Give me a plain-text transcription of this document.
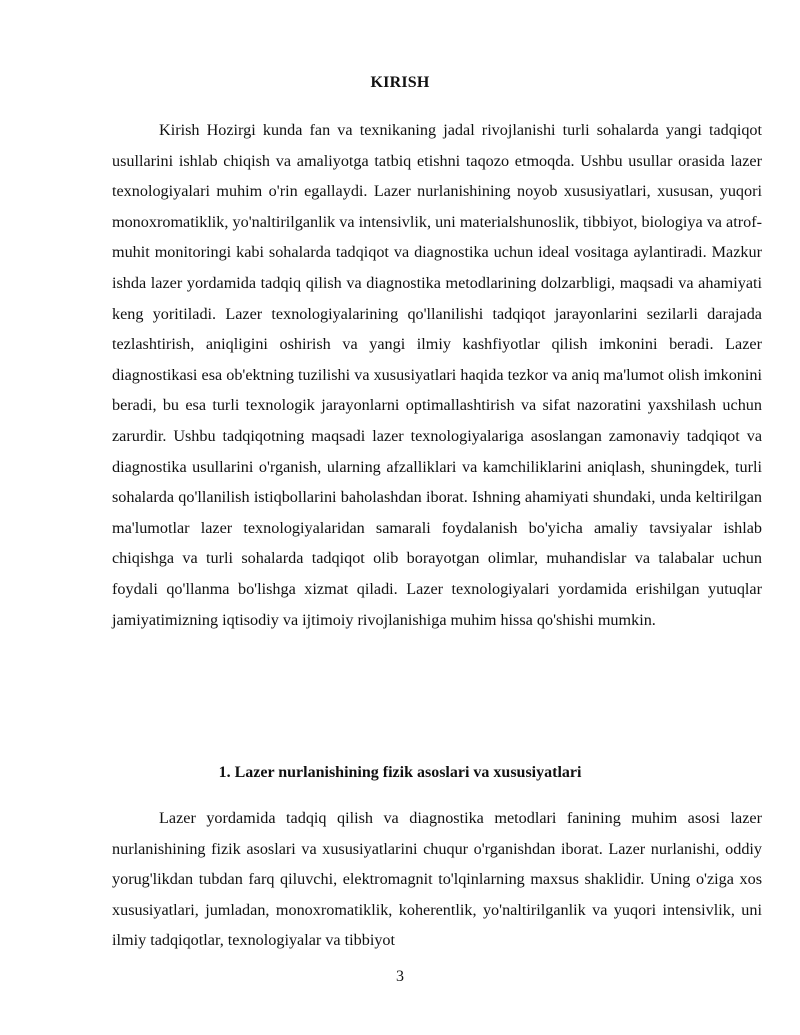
KIRISH

Kirish Hozirgi kunda fan va texnikaning jadal rivojlanishi turli sohalarda yangi tadqiqot usullarini ishlab chiqish va amaliyotga tatbiq etishni taqozo etmoqda. Ushbu usullar orasida lazer texnologiyalari muhim o'rin egallaydi. Lazer nurlanishining noyob xususiyatlari, xususan, yuqori monoxromatiklik, yo'naltirilganlik va intensivlik, uni materialshunoslik, tibbiyot, biologiya va atrof-muhit monitoringi kabi sohalarda tadqiqot va diagnostika uchun ideal vositaga aylantiradi. Mazkur ishda lazer yordamida tadqiq qilish va diagnostika metodlarining dolzarbligi, maqsadi va ahamiyati keng yoritiladi. Lazer texnologiyalarining qo'llanilishi tadqiqot jarayonlarini sezilarli darajada tezlashtirish, aniqligini oshirish va yangi ilmiy kashfiyotlar qilish imkonini beradi. Lazer diagnostikasi esa ob'ektning tuzilishi va xususiyatlari haqida tezkor va aniq ma'lumot olish imkonini beradi, bu esa turli texnologik jarayonlarni optimallashtirish va sifat nazoratini yaxshilash uchun zarurdir. Ushbu tadqiqotning maqsadi lazer texnologiyalariga asoslangan zamonaviy tadqiqot va diagnostika usullarini o'rganish, ularning afzalliklari va kamchiliklarini aniqlash, shuningdek, turli sohalarda qo'llanilish istiqbollarini baholashdan iborat. Ishning ahamiyati shundaki, unda keltirilgan ma'lumotlar lazer texnologiyalaridan samarali foydalanish bo'yicha amaliy tavsiyalar ishlab chiqishga va turli sohalarda tadqiqot olib borayotgan olimlar, muhandislar va talabalar uchun foydali qo'llanma bo'lishga xizmat qiladi. Lazer texnologiyalari yordamida erishilgan yutuqlar jamiyatimizning iqtisodiy va ijtimoiy rivojlanishiga muhim hissa qo'shishi mumkin.

1. Lazer nurlanishining fizik asoslari va xususiyatlari

Lazer yordamida tadqiq qilish va diagnostika metodlari fanining muhim asosi lazer nurlanishining fizik asoslari va xususiyatlarini chuqur o'rganishdan iborat. Lazer nurlanishi, oddiy yorug'likdan tubdan farq qiluvchi, elektromagnit to'lqinlarning maxsus shaklidir. Uning o'ziga xos xususiyatlari, jumladan, monoxromatiklik, koherentlik, yo'naltirilganlik va yuqori intensivlik, uni ilmiy tadqiqotlar, texnologiyalar va tibbiyot

3
